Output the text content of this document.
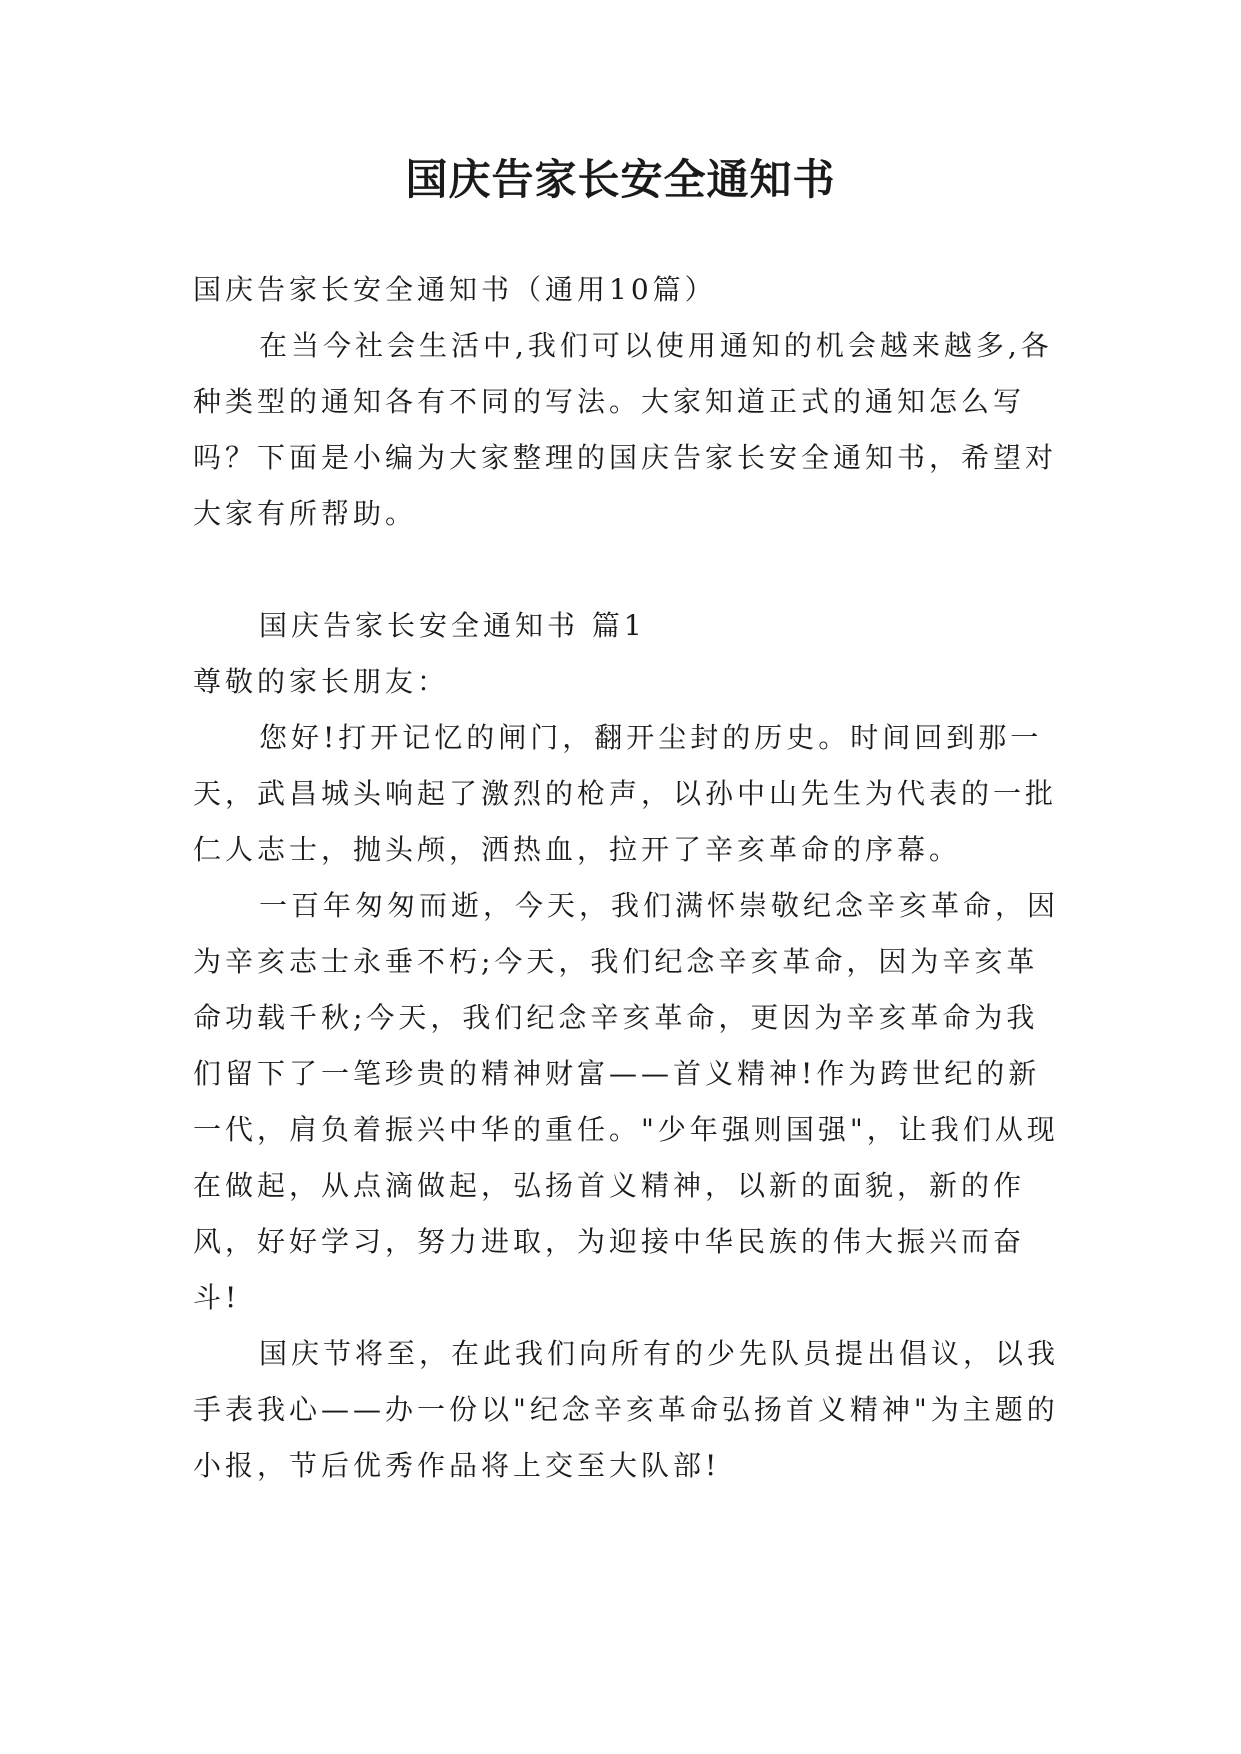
国庆告家长安全通知书

国庆告家长安全通知书（通用10篇）

在当今社会生活中,我们可以使用通知的机会越来越多,各种类型的通知各有不同的写法。大家知道正式的通知怎么写吗？下面是小编为大家整理的国庆告家长安全通知书，希望对大家有所帮助。

国庆告家长安全通知书 篇1

尊敬的家长朋友：

您好!打开记忆的闸门，翻开尘封的历史。时间回到那一天，武昌城头响起了激烈的枪声，以孙中山先生为代表的一批仁人志士，抛头颅，洒热血，拉开了辛亥革命的序幕。

一百年匆匆而逝，今天，我们满怀崇敬纪念辛亥革命，因为辛亥志士永垂不朽;今天，我们纪念辛亥革命，因为辛亥革命功载千秋;今天，我们纪念辛亥革命，更因为辛亥革命为我们留下了一笔珍贵的精神财富——首义精神!作为跨世纪的新一代，肩负着振兴中华的重任。"少年强则国强"，让我们从现在做起，从点滴做起，弘扬首义精神，以新的面貌，新的作风，好好学习，努力进取，为迎接中华民族的伟大振兴而奋斗!

国庆节将至，在此我们向所有的少先队员提出倡议，以我手表我心——办一份以"纪念辛亥革命弘扬首义精神"为主题的小报，节后优秀作品将上交至大队部!
